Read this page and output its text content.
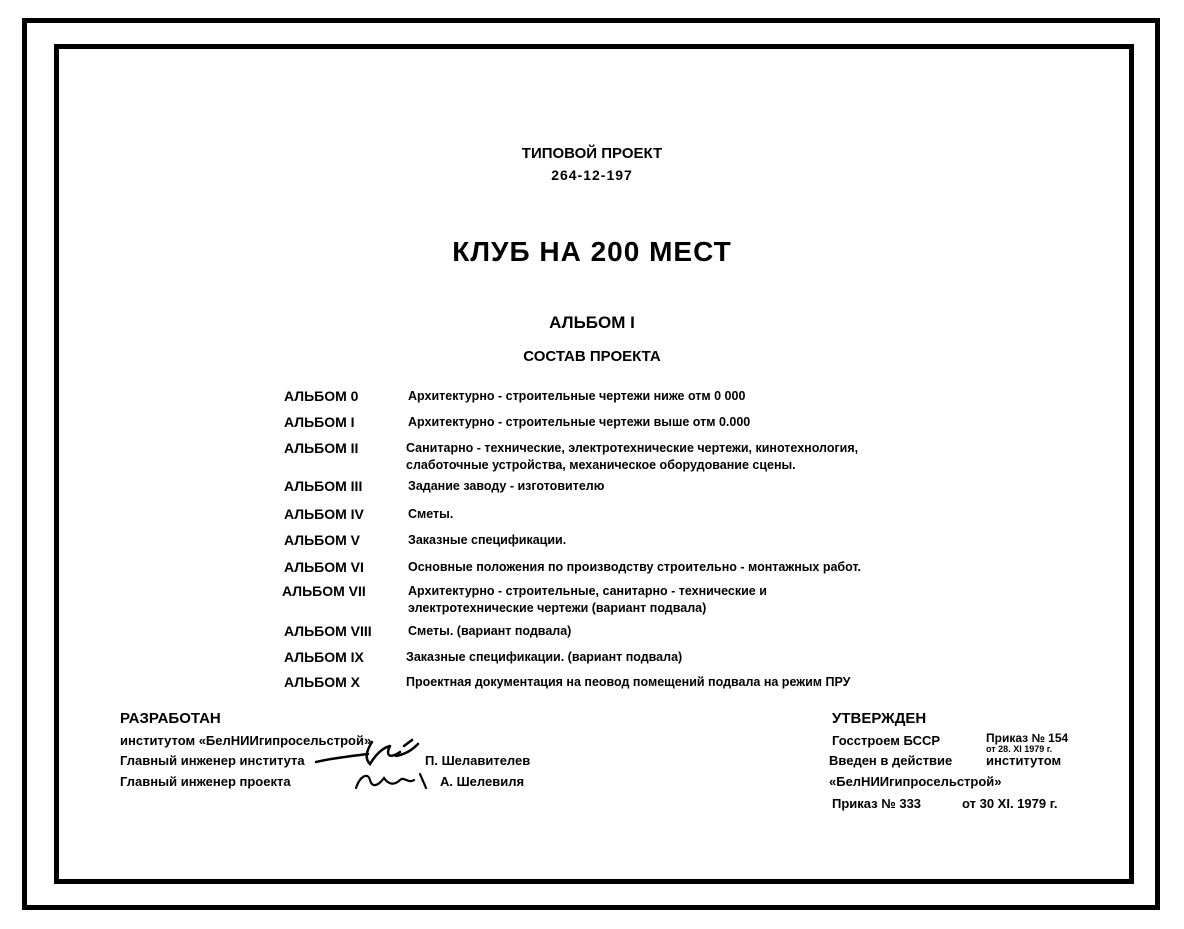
ТИПОВОЙ ПРОЕКТ
264-12-197
КЛУБ НА 200 МЕСТ
АЛЬБОМ I
СОСТАВ ПРОЕКТА
АЛЬБОМ 0	Архитектурно - строительные чертежи ниже отм 0 000
АЛЬБОМ I	Архитектурно - строительные чертежи выше отм 0.000
АЛЬБОМ II	Санитарно - технические, электротехнические чертежи, кинотехнология,
слаботочные устройства, механическое оборудование сцены.
АЛЬБОМ III	Задание заводу - изготовителю
АЛЬБОМ IV	Сметы.
АЛЬБОМ V	Заказные спецификации.
АЛЬБОМ VI	Основные положения по производству строительно - монтажных работ.
АЛЬБОМ VII	Архитектурно - строительные, санитарно - технические и
электротехнические чертежи (вариант подвала)
АЛЬБОМ VIII	Сметы. (вариант подвала)
АЛЬБОМ IX	Заказные спецификации. (вариант подвала)
АЛЬБОМ X	Проектная документация на пеовод помещений подвала на режим ПРУ
РАЗРАБОТАН
институтом «БелНИИгипросельстрой»
Главный инженер института	П. Шелавителев
Главный инженер проекта	А. Шелевиля
УТВЕРЖДЕН
Госстроем БССР	Приказ № 154
от 28. XI 1979 г.
Введен в действие	институтом
«БелНИИгипросельстрой»
Приказ № 333	от 30 XI. 1979 г.
